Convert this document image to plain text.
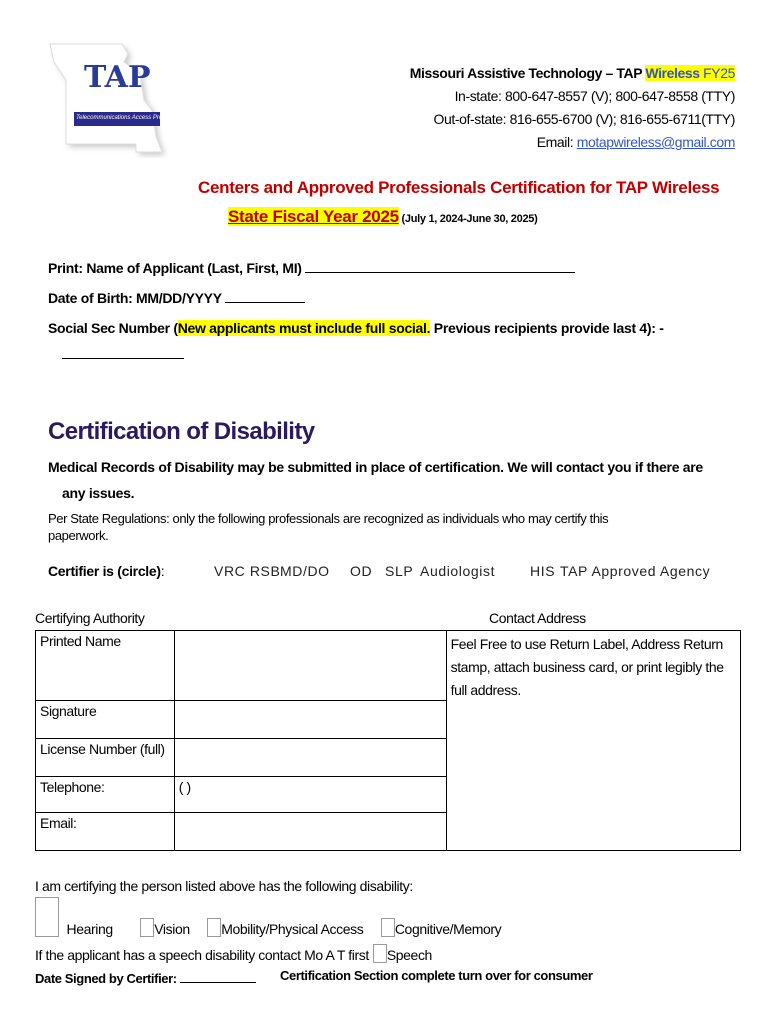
TAP
Telecommunications Access Program
Missouri Assistive Technology – TAP Wireless FY25
In-state: 800-647-8557 (V); 800-647-8558 (TTY)
Out-of-state: 816-655-6700 (V); 816-655-6711(TTY)
Email: motapwireless@gmail.com
Centers and Approved Professionals Certification for TAP Wireless
State Fiscal Year 2025 (July 1, 2024-June 30, 2025)
Print: Name of Applicant (Last, First, MI)
Date of Birth: MM/DD/YYYY
Social Sec Number (New applicants must include full social. Previous recipients provide last 4): -
Certification of Disability
Medical Records of Disability may be submitted in place of certification. We will contact you if there are
any issues.
Per State Regulations: only the following professionals are recognized as individuals who may certify this
paperwork.
Certifier is (circle):	VRC RSB MD/DO OD SLP Audiologist HIS TAP Approved Agency
Certifying Authority	Contact Address
Printed Name		Feel Free to use Return Label, Address Return stamp, attach business card, or print legibly the full address.
Signature		
License Number (full)		
Telephone:	( )	
Email:		
I am certifying the person listed above has the following disability:
Hearing	Vision Mobility/Physical Access Cognitive/Memory
If the applicant has a speech disability contact Mo A T first Speech
Date Signed by Certifier:	Certification Section complete turn over for consumer
